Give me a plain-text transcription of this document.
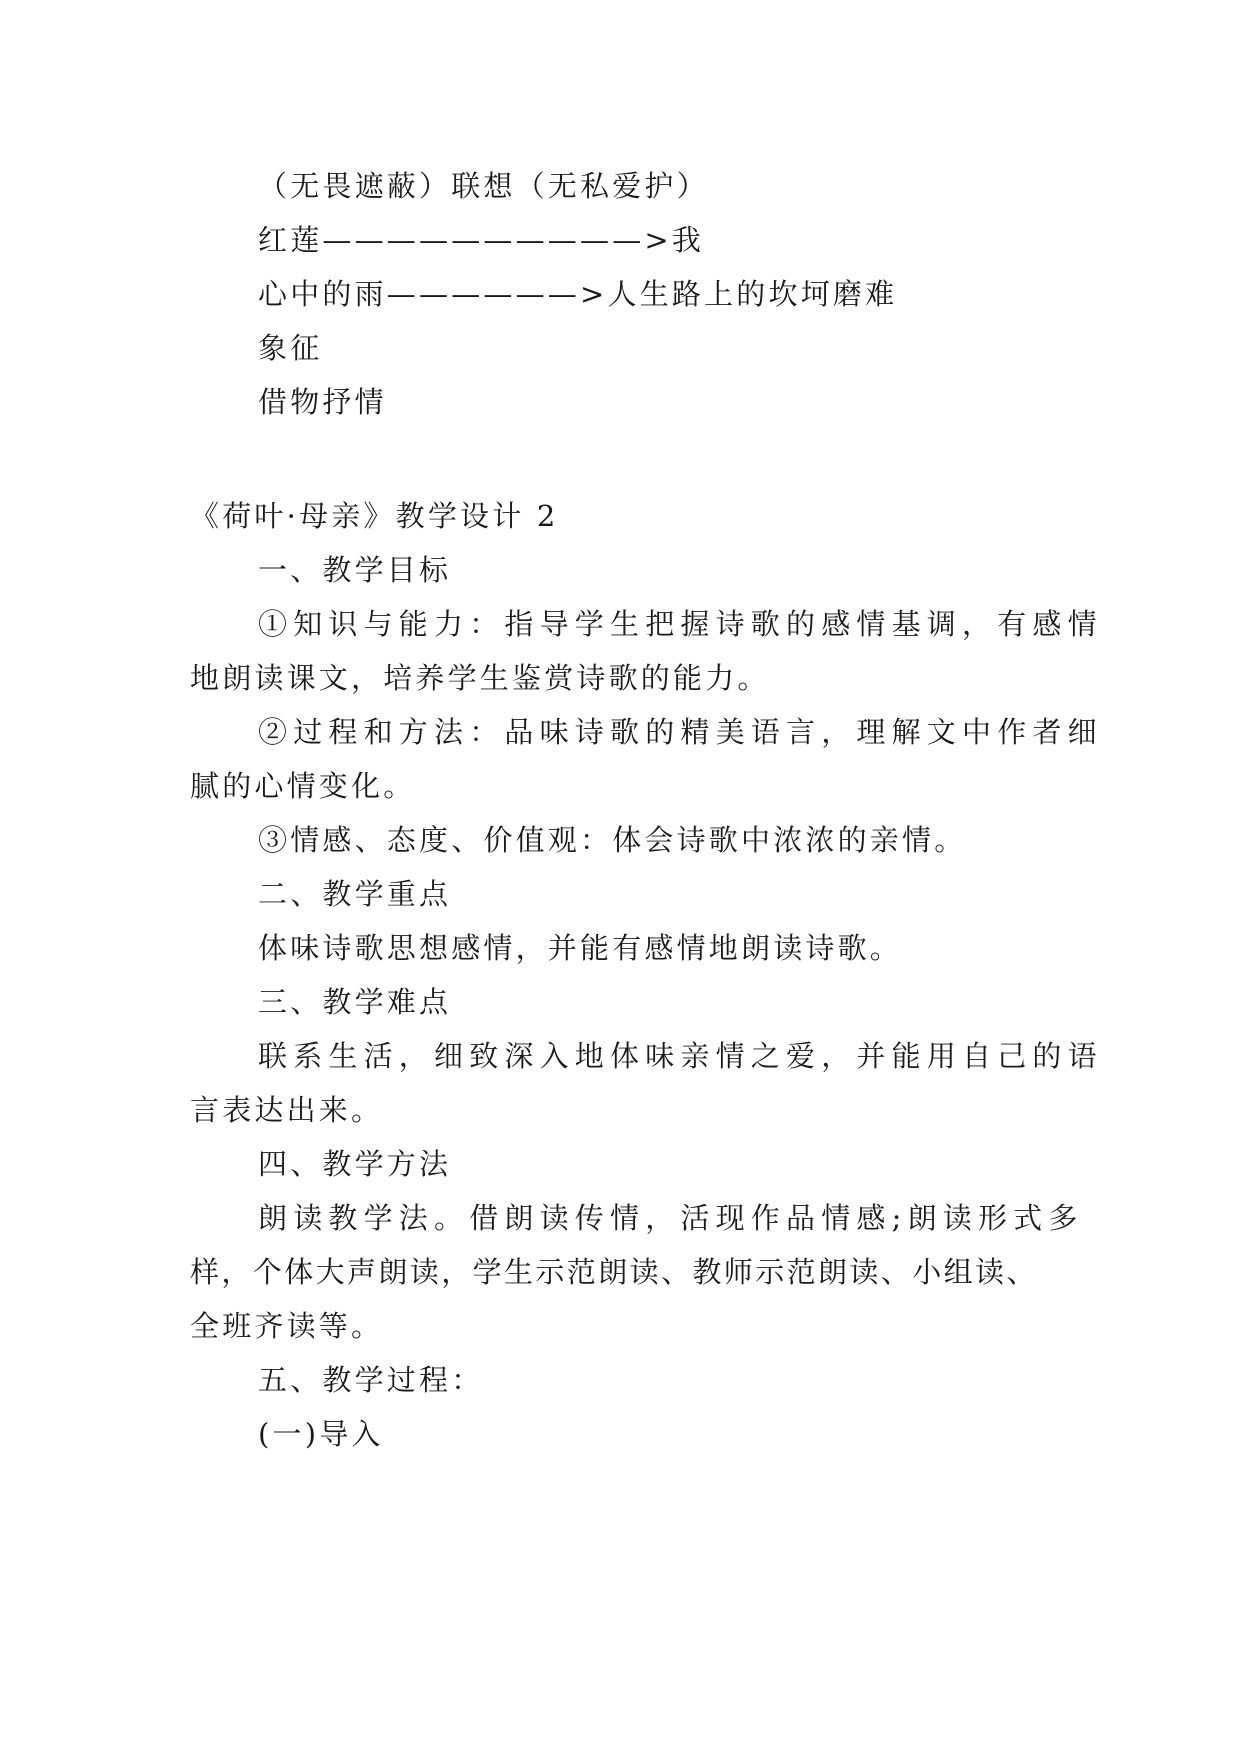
（无畏遮蔽）联想（无私爱护）
红莲——————————>我
心中的雨——————>人生路上的坎坷磨难
象征
借物抒情
《荷叶·母亲》教学设计 2
一、教学目标
①知识与能力：指导学生把握诗歌的感情基调，有感情
地朗读课文，培养学生鉴赏诗歌的能力。
②过程和方法：品味诗歌的精美语言，理解文中作者细
腻的心情变化。
③情感、态度、价值观：体会诗歌中浓浓的亲情。
二、教学重点
体味诗歌思想感情，并能有感情地朗读诗歌。
三、教学难点
联系生活，细致深入地体味亲情之爱，并能用自己的语
言表达出来。
四、教学方法
朗读教学法。借朗读传情，活现作品情感;朗读形式多
样，个体大声朗读，学生示范朗读、教师示范朗读、小组读、
全班齐读等。
五、教学过程：
(一)导入
